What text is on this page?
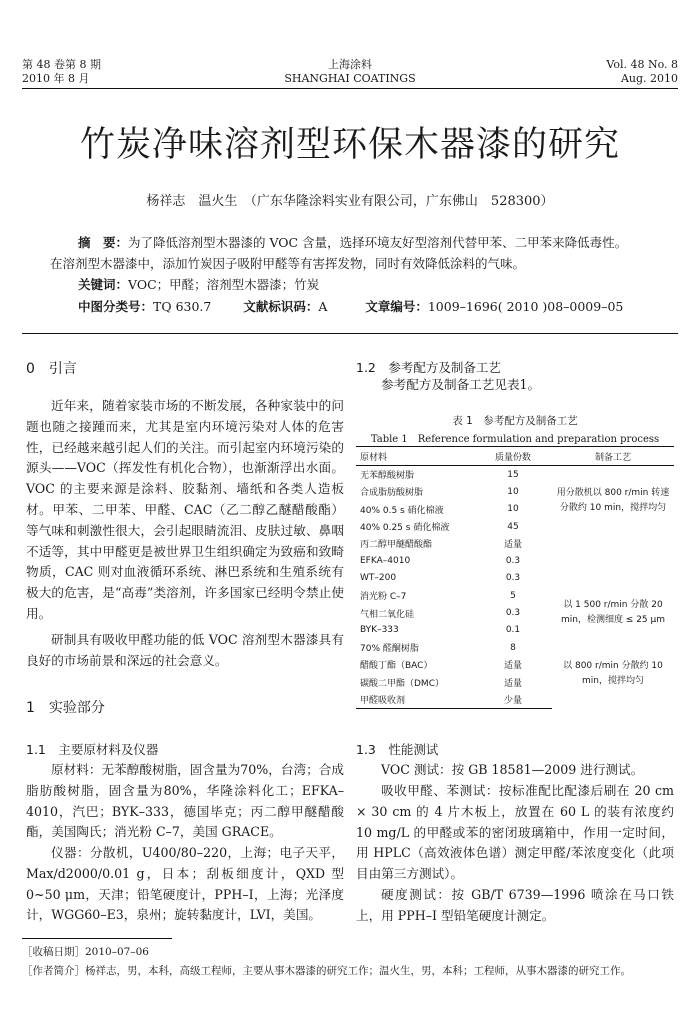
第 48 卷第 8 期
2010 年 8 月
上海涂料
SHANGHAI COATINGS
Vol. 48 No. 8
Aug. 2010
竹炭净味溶剂型环保木器漆的研究
杨祥志　温火生　（广东华隆涂料实业有限公司，广东佛山　528300）
摘　要：为了降低溶剂型木器漆的 VOC 含量，选择环境友好型溶剂代替甲苯、二甲苯来降低毒性。
在溶剂型木器漆中，添加竹炭因子吸附甲醛等有害挥发物，同时有效降低涂料的气味。
关键词：VOC；甲醛；溶剂型木器漆；竹炭
中图分类号：TQ 630.7	文献标识码：A	文章编号：1009–1696( 2010 )08–0009–05
0　引言
近年来，随着家装市场的不断发展，各种家装中的问题也随之接踵而来，尤其是室内环境污染对人体的危害性，已经越来越引起人们的关注。而引起室内环境污染的源头——VOC（挥发性有机化合物），也渐渐浮出水面。VOC 的主要来源是涂料、胶黏剂、墙纸和各类人造板材。甲苯、二甲苯、甲醛、CAC（乙二醇乙醚醋酸酯）等气味和刺激性很大，会引起眼睛流泪、皮肤过敏、鼻咽不适等，其中甲醛更是被世界卫生组织确定为致癌和致畸物质，CAC 则对血液循环系统、淋巴系统和生殖系统有极大的危害，是“高毒”类溶剂，许多国家已经明令禁止使用。
研制具有吸收甲醛功能的低 VOC 溶剂型木器漆具有良好的市场前景和深远的社会意义。
1　实验部分
1.1　主要原材料及仪器
原材料：无苯醇酸树脂，固含量为70%，台湾；合成脂肪酸树脂，固含量为80%，华隆涂料化工；EFKA–4010，汽巴；BYK–333，德国毕克；丙二醇甲醚醋酸酯，美国陶氏；消光粉 C–7，美国 GRACE。
仪器：分散机，U400/80–220，上海；电子天平，Max/d2000/0.01 g，日本；刮板细度计，QXD 型 0~50 μm，天津；铅笔硬度计，PPH–I，上海；光泽度计，WGG60–E3，泉州；旋转黏度计，LVI，美国。
1.2　参考配方及制备工艺
参考配方及制备工艺见表1。
表 1　参考配方及制备工艺
Table 1　Reference formulation and preparation process
原材料	质量份数	制备工艺
无苯醇酸树脂	15	用分散机以 800 r/min 转速分散约 10 min，搅拌均匀
合成脂肪酸树脂	10	
40% 0.5 s 硝化棉液	10	
40% 0.25 s 硝化棉液	45	
丙二醇甲醚醋酸酯	适量	
EFKA–4010	0.3	
WT–200	0.3	
消光粉 C–7	5	以 1 500 r/min 分散 20 min，检测细度 ≤ 25 μm
气相二氧化硅	0.3	
BYK–333	0.1	
70% 醛酮树脂	8	以 800 r/min 分散约 10 min，搅拌均匀
醋酸丁酯（BAC）	适量	
碳酸二甲酯（DMC）	适量	
甲醛吸收剂	少量	
1.3　性能测试
VOC 测试：按 GB 18581—2009 进行测试。
吸收甲醛、苯测试：按标准配比配漆后刷在 20 cm × 30 cm 的 4 片木板上，放置在 60 L 的装有浓度约 10 mg/L 的甲醛或苯的密闭玻璃箱中，作用一定时间，用 HPLC（高效液体色谱）测定甲醛/苯浓度变化（此项目由第三方测试）。
硬度测试：按 GB/T 6739—1996 喷涂在马口铁上，用 PPH–I 型铅笔硬度计测定。
［收稿日期］2010–07–06
［作者简介］杨祥志，男，本科，高级工程师，主要从事木器漆的研究工作；温火生，男，本科；工程师，从事木器漆的研究工作。
